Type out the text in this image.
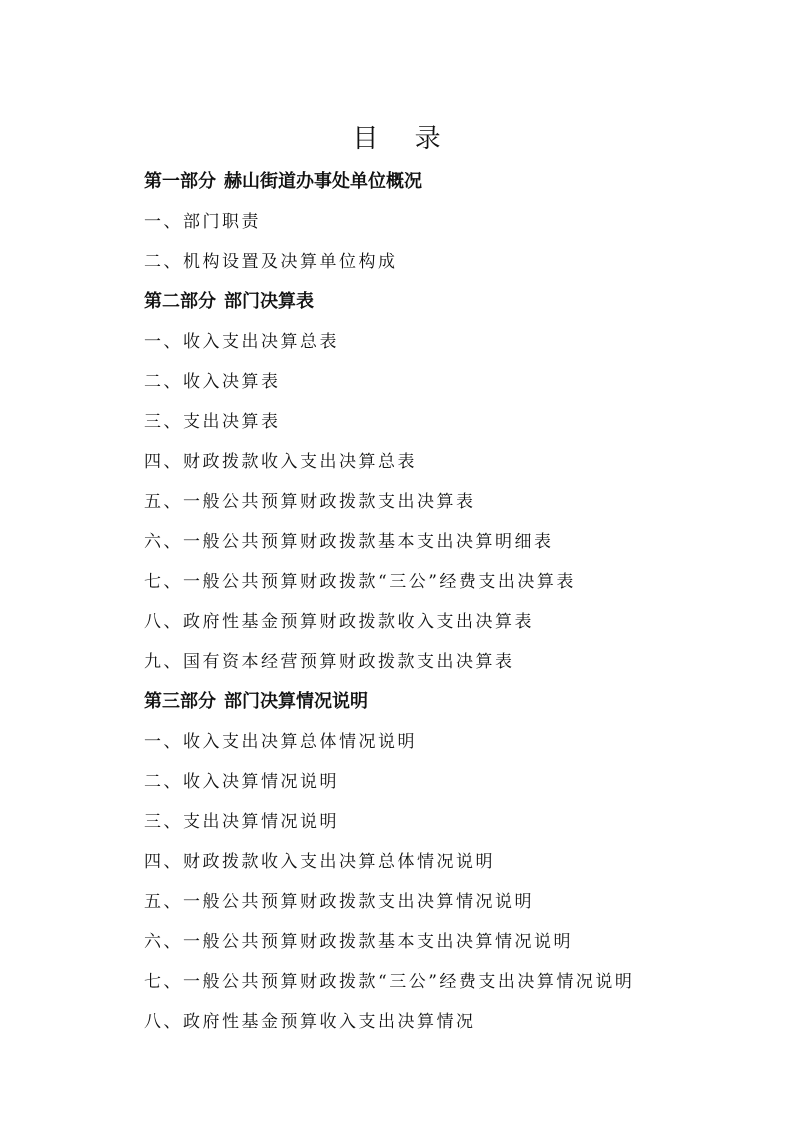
目 录
第一部分 赫山街道办事处单位概况
一、部门职责
二、机构设置及决算单位构成
第二部分 部门决算表
一、收入支出决算总表
二、收入决算表
三、支出决算表
四、财政拨款收入支出决算总表
五、一般公共预算财政拨款支出决算表
六、一般公共预算财政拨款基本支出决算明细表
七、一般公共预算财政拨款“三公”经费支出决算表
八、政府性基金预算财政拨款收入支出决算表
九、国有资本经营预算财政拨款支出决算表
第三部分 部门决算情况说明
一、收入支出决算总体情况说明
二、收入决算情况说明
三、支出决算情况说明
四、财政拨款收入支出决算总体情况说明
五、一般公共预算财政拨款支出决算情况说明
六、一般公共预算财政拨款基本支出决算情况说明
七、一般公共预算财政拨款“三公”经费支出决算情况说明
八、政府性基金预算收入支出决算情况
